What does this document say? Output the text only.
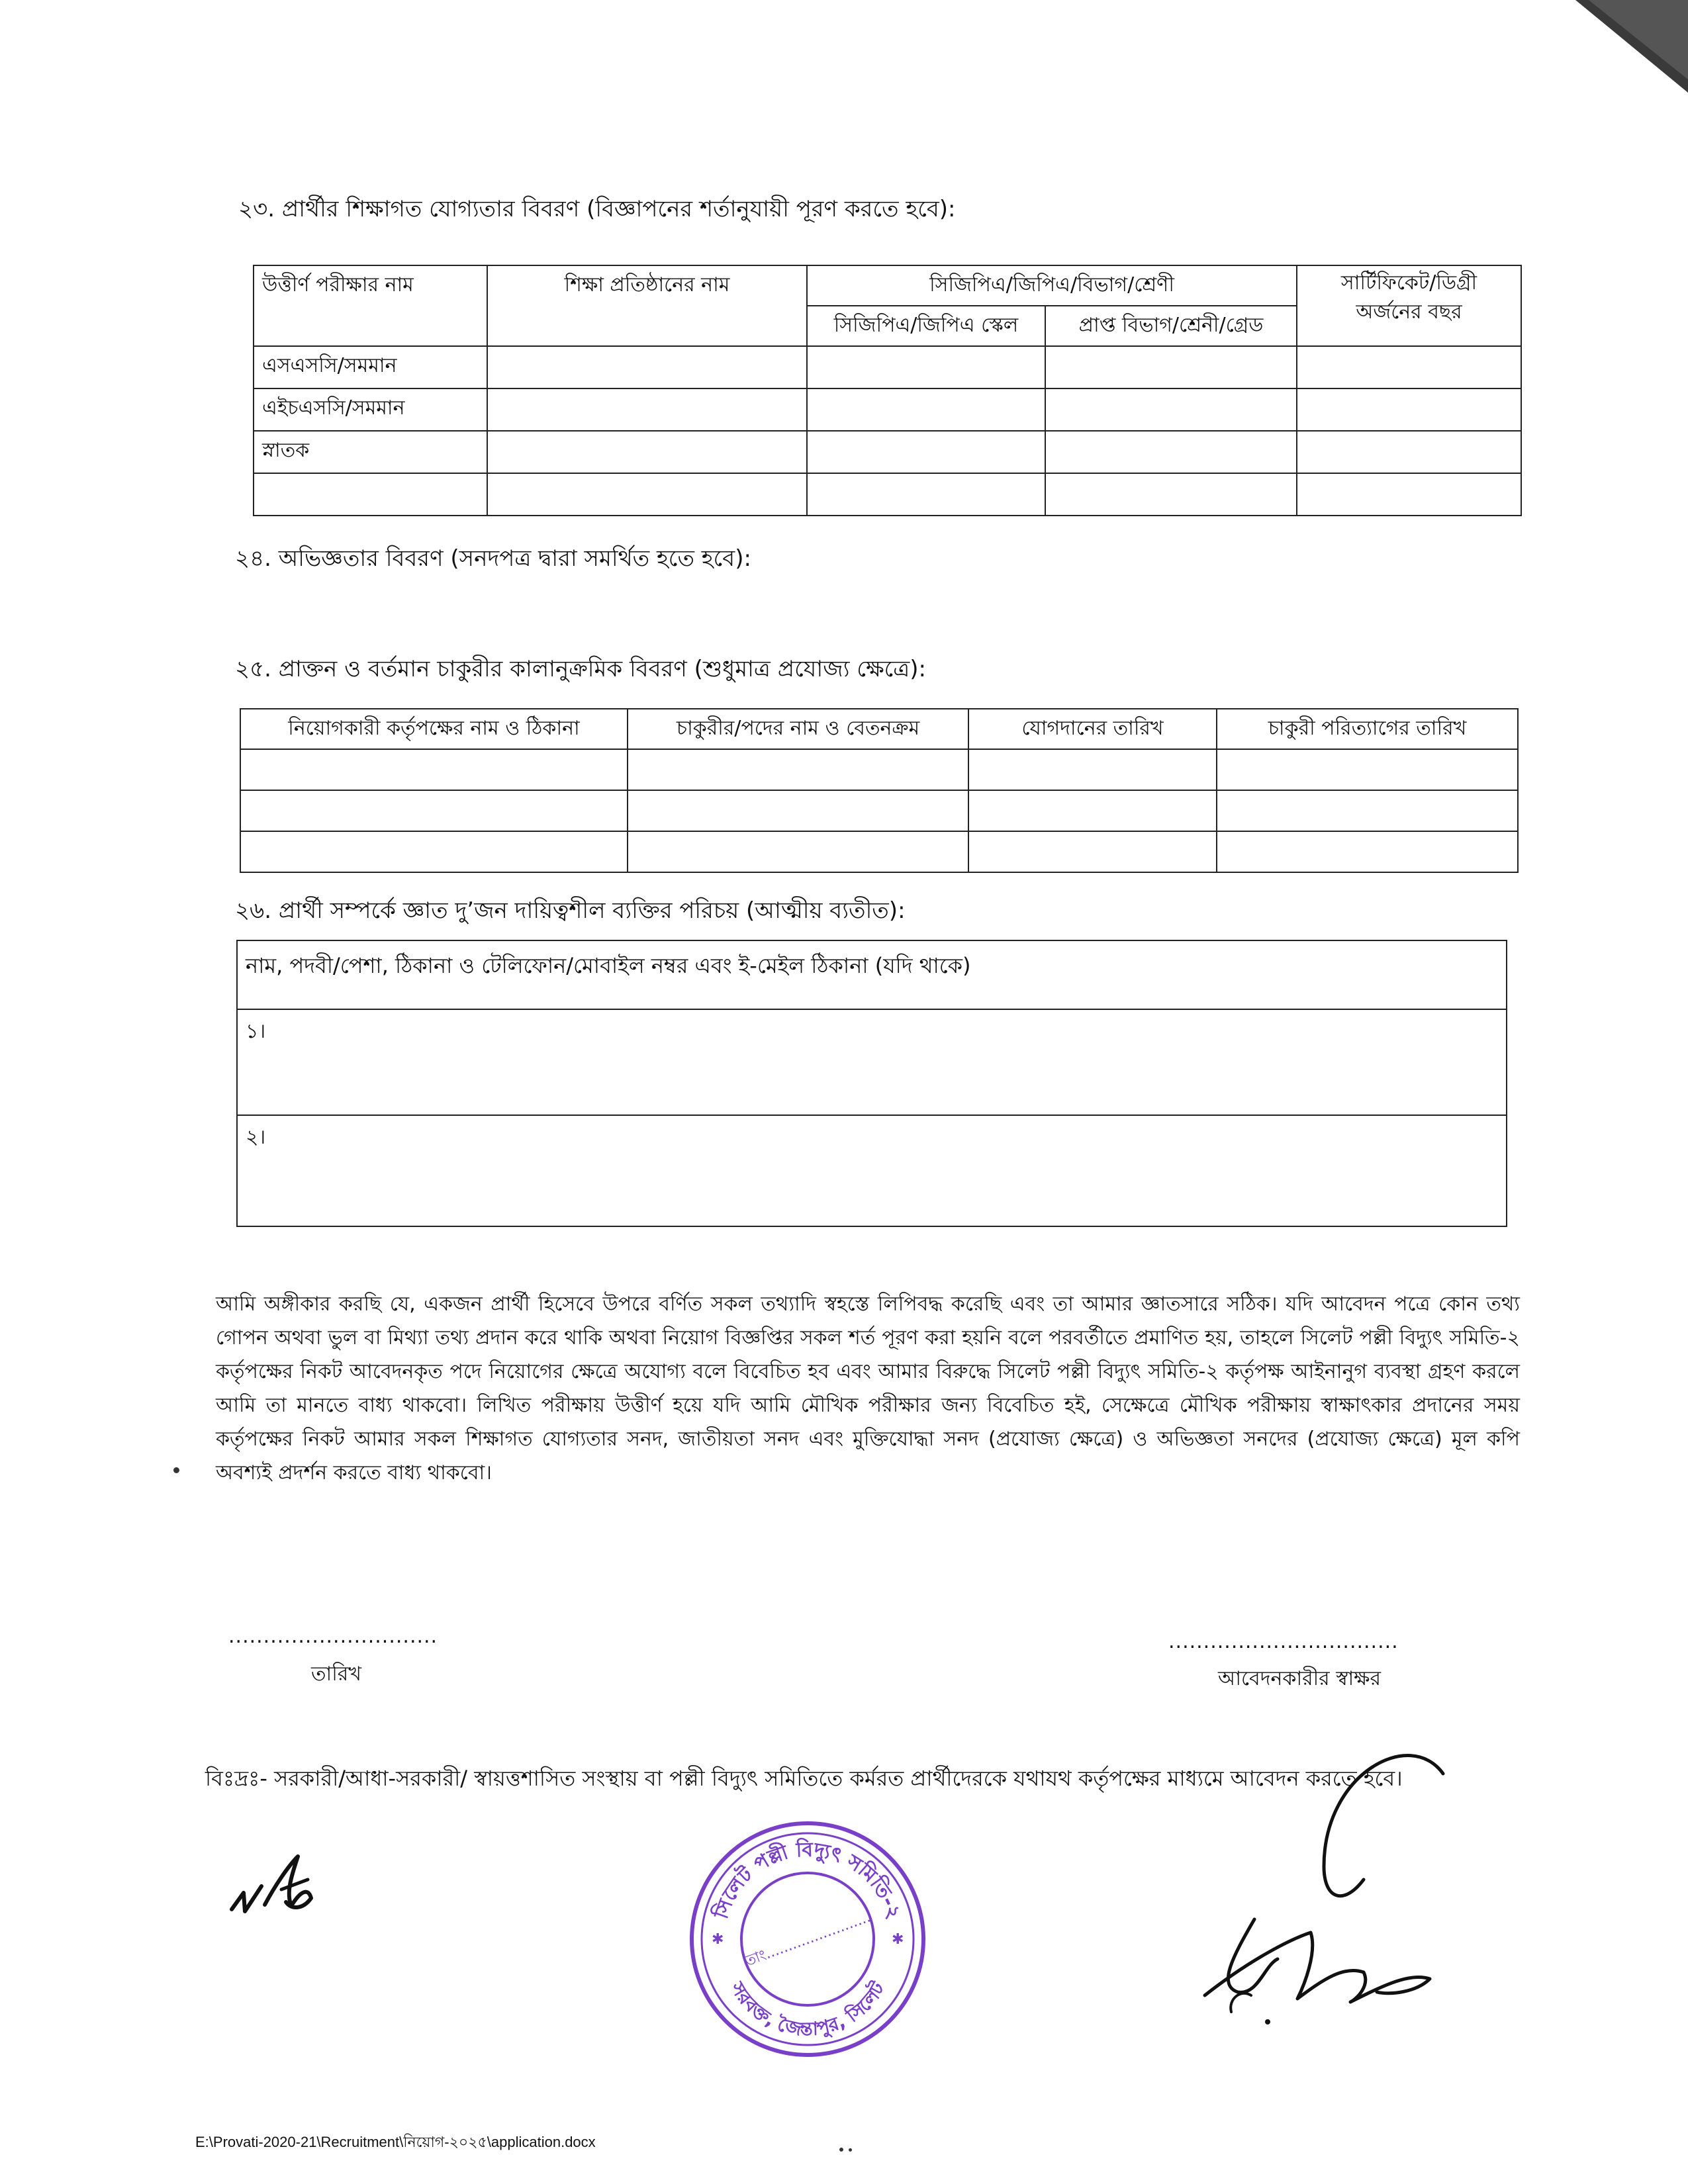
২৩. প্রার্থীর শিক্ষাগত যোগ্যতার বিবরণ (বিজ্ঞাপনের শর্তানুযায়ী পূরণ করতে হবে):
উত্তীর্ণ পরীক্ষার নাম	শিক্ষা প্রতিষ্ঠানের নাম	সিজিপিএ/জিপিএ/বিভাগ/শ্রেণী		সার্টিফিকেট/ডিগ্রী অর্জনের বছর
		সিজিপিএ/জিপিএ স্কেল	প্রাপ্ত বিভাগ/শ্রেনী/গ্রেড	
এসএসসি/সমমান				
এইচএসসি/সমমান				
স্নাতক				

২৪. অভিজ্ঞতার বিবরণ (সনদপত্র দ্বারা সমর্থিত হতে হবে):
২৫. প্রাক্তন ও বর্তমান চাকুরীর কালানুক্রমিক বিবরণ (শুধুমাত্র প্রযোজ্য ক্ষেত্রে):
নিয়োগকারী কর্তৃপক্ষের নাম ও ঠিকানা	চাকুরীর/পদের নাম ও বেতনক্রম	যোগদানের তারিখ	চাকুরী পরিত্যাগের তারিখ

২৬. প্রার্থী সম্পর্কে জ্ঞাত দু’জন দায়িত্বশীল ব্যক্তির পরিচয় (আত্মীয় ব্যতীত):
নাম, পদবী/পেশা, ঠিকানা ও টেলিফোন/মোবাইল নম্বর এবং ই-মেইল ঠিকানা (যদি থাকে)
১।
২।
আমি অঙ্গীকার করছি যে, একজন প্রার্থী হিসেবে উপরে বর্ণিত সকল তথ্যাদি স্বহস্তে লিপিবদ্ধ করেছি এবং তা আমার জ্ঞাতসারে সঠিক। যদি আবেদন পত্রে কোন তথ্য গোপন অথবা ভুল বা মিথ্যা তথ্য প্রদান করে থাকি অথবা নিয়োগ বিজ্ঞপ্তির সকল শর্ত পূরণ করা হয়নি বলে পরবর্তীতে প্রমাণিত হয়, তাহলে সিলেট পল্লী বিদ্যুৎ সমিতি-২ কর্তৃপক্ষের নিকট আবেদনকৃত পদে নিয়োগের ক্ষেত্রে অযোগ্য বলে বিবেচিত হব এবং আমার বিরুদ্ধে সিলেট পল্লী বিদ্যুৎ সমিতি-২ কর্তৃপক্ষ আইনানুগ ব্যবস্থা গ্রহণ করলে আমি তা মানতে বাধ্য থাকবো। লিখিত পরীক্ষায় উত্তীর্ণ হয়ে যদি আমি মৌখিক পরীক্ষার জন্য বিবেচিত হই, সেক্ষেত্রে মৌখিক পরীক্ষায় স্বাক্ষাৎকার প্রদানের সময় কর্তৃপক্ষের নিকট আমার সকল শিক্ষাগত যোগ্যতার সনদ, জাতীয়তা সনদ এবং মুক্তিযোদ্ধা সনদ (প্রযোজ্য ক্ষেত্রে) ও অভিজ্ঞতা সনদের (প্রযোজ্য ক্ষেত্রে) মূল কপি অবশ্যই প্রদর্শন করতে বাধ্য থাকবো।
..............................
তারিখ
.................................
আবেদনকারীর স্বাক্ষর
বিঃদ্রঃ- সরকারী/আধা-সরকারী/ স্বায়ত্তশাসিত সংস্থায় বা পল্লী বিদ্যুৎ সমিতিতে কর্মরত প্রার্থীদেরকে যথাযথ কর্তৃপক্ষের মাধ্যমে আবেদন করতে হবে।
সিলেট পল্লী বিদ্যুৎ সমিতি-২
সরবক্ত, জৈন্তাপুর, সিলেট
✱	✱
তাং........................
E:\Provati-2020-21\Recruitment\নিয়োগ-২০২৫\application.docx
